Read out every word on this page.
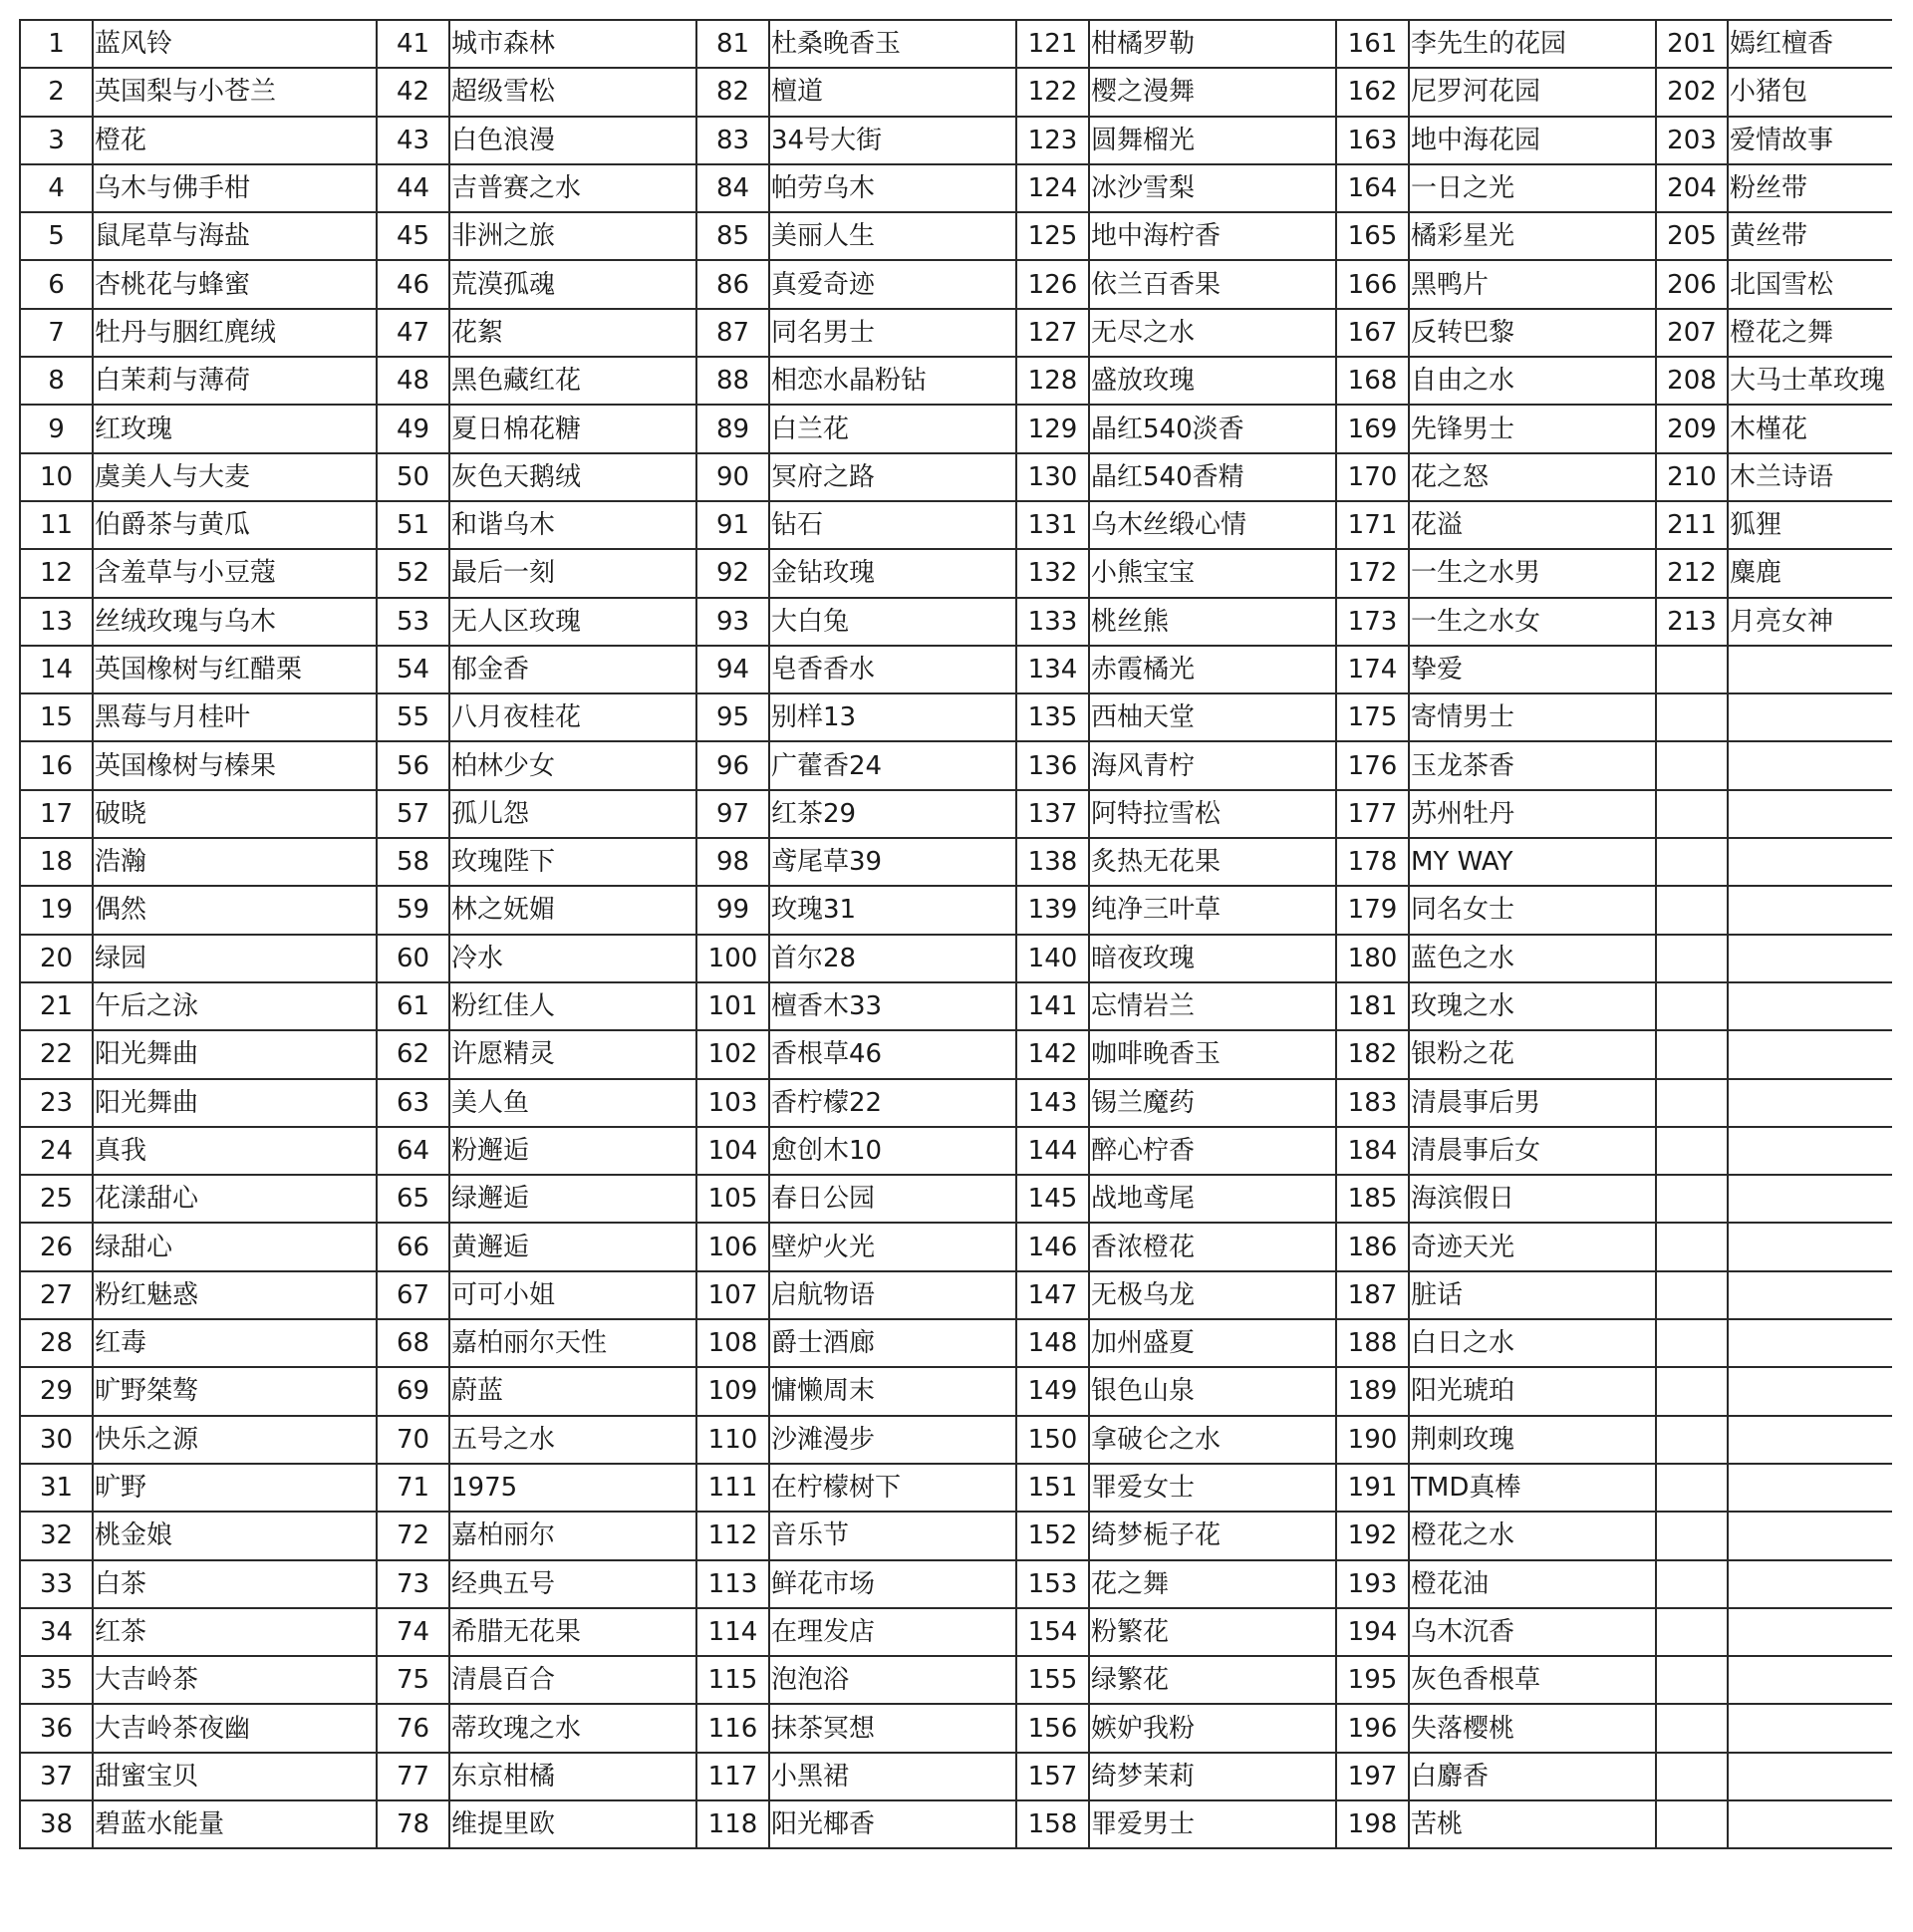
1	蓝风铃	41	城市森林	81	杜桑晚香玉	121	柑橘罗勒	161	李先生的花园	201	嫣红檀香
2	英国梨与小苍兰	42	超级雪松	82	檀道	122	樱之漫舞	162	尼罗河花园	202	小猪包
3	橙花	43	白色浪漫	83	34号大街	123	圆舞榴光	163	地中海花园	203	爱情故事
4	乌木与佛手柑	44	吉普赛之水	84	帕劳乌木	124	冰沙雪梨	164	一日之光	204	粉丝带
5	鼠尾草与海盐	45	非洲之旅	85	美丽人生	125	地中海柠香	165	橘彩星光	205	黄丝带
6	杏桃花与蜂蜜	46	荒漠孤魂	86	真爱奇迹	126	依兰百香果	166	黑鸭片	206	北国雪松
7	牡丹与胭红麂绒	47	花絮	87	同名男士	127	无尽之水	167	反转巴黎	207	橙花之舞
8	白茉莉与薄荷	48	黑色藏红花	88	相恋水晶粉钻	128	盛放玫瑰	168	自由之水	208	大马士革玫瑰
9	红玫瑰	49	夏日棉花糖	89	白兰花	129	晶红540淡香	169	先锋男士	209	木槿花
10	虞美人与大麦	50	灰色天鹅绒	90	冥府之路	130	晶红540香精	170	花之怒	210	木兰诗语
11	伯爵茶与黄瓜	51	和谐乌木	91	钻石	131	乌木丝缎心情	171	花溢	211	狐狸
12	含羞草与小豆蔻	52	最后一刻	92	金钻玫瑰	132	小熊宝宝	172	一生之水男	212	麋鹿
13	丝绒玫瑰与乌木	53	无人区玫瑰	93	大白兔	133	桃丝熊	173	一生之水女	213	月亮女神
14	英国橡树与红醋栗	54	郁金香	94	皂香香水	134	赤霞橘光	174	挚爱		
15	黑莓与月桂叶	55	八月夜桂花	95	别样13	135	西柚天堂	175	寄情男士		
16	英国橡树与榛果	56	柏林少女	96	广藿香24	136	海风青柠	176	玉龙茶香		
17	破晓	57	孤儿怨	97	红茶29	137	阿特拉雪松	177	苏州牡丹		
18	浩瀚	58	玫瑰陛下	98	鸢尾草39	138	炙热无花果	178	MY WAY		
19	偶然	59	林之妩媚	99	玫瑰31	139	纯净三叶草	179	同名女士		
20	绿园	60	冷水	100	首尔28	140	暗夜玫瑰	180	蓝色之水		
21	午后之泳	61	粉红佳人	101	檀香木33	141	忘情岩兰	181	玫瑰之水		
22	阳光舞曲	62	许愿精灵	102	香根草46	142	咖啡晚香玉	182	银粉之花		
23	阳光舞曲	63	美人鱼	103	香柠檬22	143	锡兰魔药	183	清晨事后男		
24	真我	64	粉邂逅	104	愈创木10	144	醉心柠香	184	清晨事后女		
25	花漾甜心	65	绿邂逅	105	春日公园	145	战地鸢尾	185	海滨假日		
26	绿甜心	66	黄邂逅	106	壁炉火光	146	香浓橙花	186	奇迹天光		
27	粉红魅惑	67	可可小姐	107	启航物语	147	无极乌龙	187	脏话		
28	红毒	68	嘉柏丽尔天性	108	爵士酒廊	148	加州盛夏	188	白日之水		
29	旷野桀骜	69	蔚蓝	109	慵懒周末	149	银色山泉	189	阳光琥珀		
30	快乐之源	70	五号之水	110	沙滩漫步	150	拿破仑之水	190	荆刺玫瑰		
31	旷野	71	1975	111	在柠檬树下	151	罪爱女士	191	TMD真棒		
32	桃金娘	72	嘉柏丽尔	112	音乐节	152	绮梦栀子花	192	橙花之水		
33	白茶	73	经典五号	113	鲜花市场	153	花之舞	193	橙花油		
34	红茶	74	希腊无花果	114	在理发店	154	粉繁花	194	乌木沉香		
35	大吉岭茶	75	清晨百合	115	泡泡浴	155	绿繁花	195	灰色香根草		
36	大吉岭茶夜幽	76	蒂玫瑰之水	116	抹茶冥想	156	嫉妒我粉	196	失落樱桃		
37	甜蜜宝贝	77	东京柑橘	117	小黑裙	157	绮梦茉莉	197	白麝香		
38	碧蓝水能量	78	维提里欧	118	阳光椰香	158	罪爱男士	198	苦桃		
